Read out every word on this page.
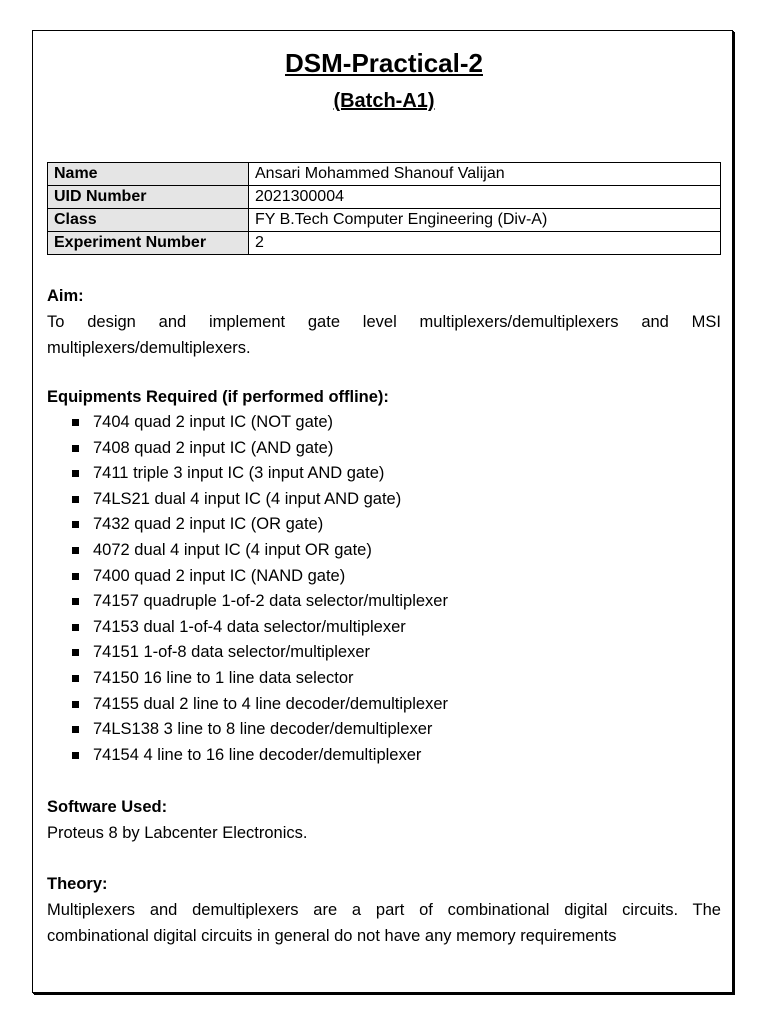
DSM-Practical-2
(Batch-A1)
Name	Ansari Mohammed Shanouf Valijan
UID Number	2021300004
Class	FY B.Tech Computer Engineering (Div-A)
Experiment Number	2
Aim:
To design and implement gate level multiplexers/demultiplexers and MSI multiplexers/demultiplexers.
Equipments Required (if performed offline):
7404 quad 2 input IC (NOT gate)
7408 quad 2 input IC (AND gate)
7411 triple 3 input IC (3 input AND gate)
74LS21 dual 4 input IC (4 input AND gate)
7432 quad 2 input IC (OR gate)
4072 dual 4 input IC (4 input OR gate)
7400 quad 2 input IC (NAND gate)
74157 quadruple 1-of-2 data selector/multiplexer
74153 dual 1-of-4 data selector/multiplexer
74151 1-of-8 data selector/multiplexer
74150 16 line to 1 line data selector
74155 dual 2 line to 4 line decoder/demultiplexer
74LS138 3 line to 8 line decoder/demultiplexer
74154 4 line to 16 line decoder/demultiplexer
Software Used:
Proteus 8 by Labcenter Electronics.
Theory:
Multiplexers and demultiplexers are a part of combinational digital circuits. The combinational digital circuits in general do not have any memory requirements
